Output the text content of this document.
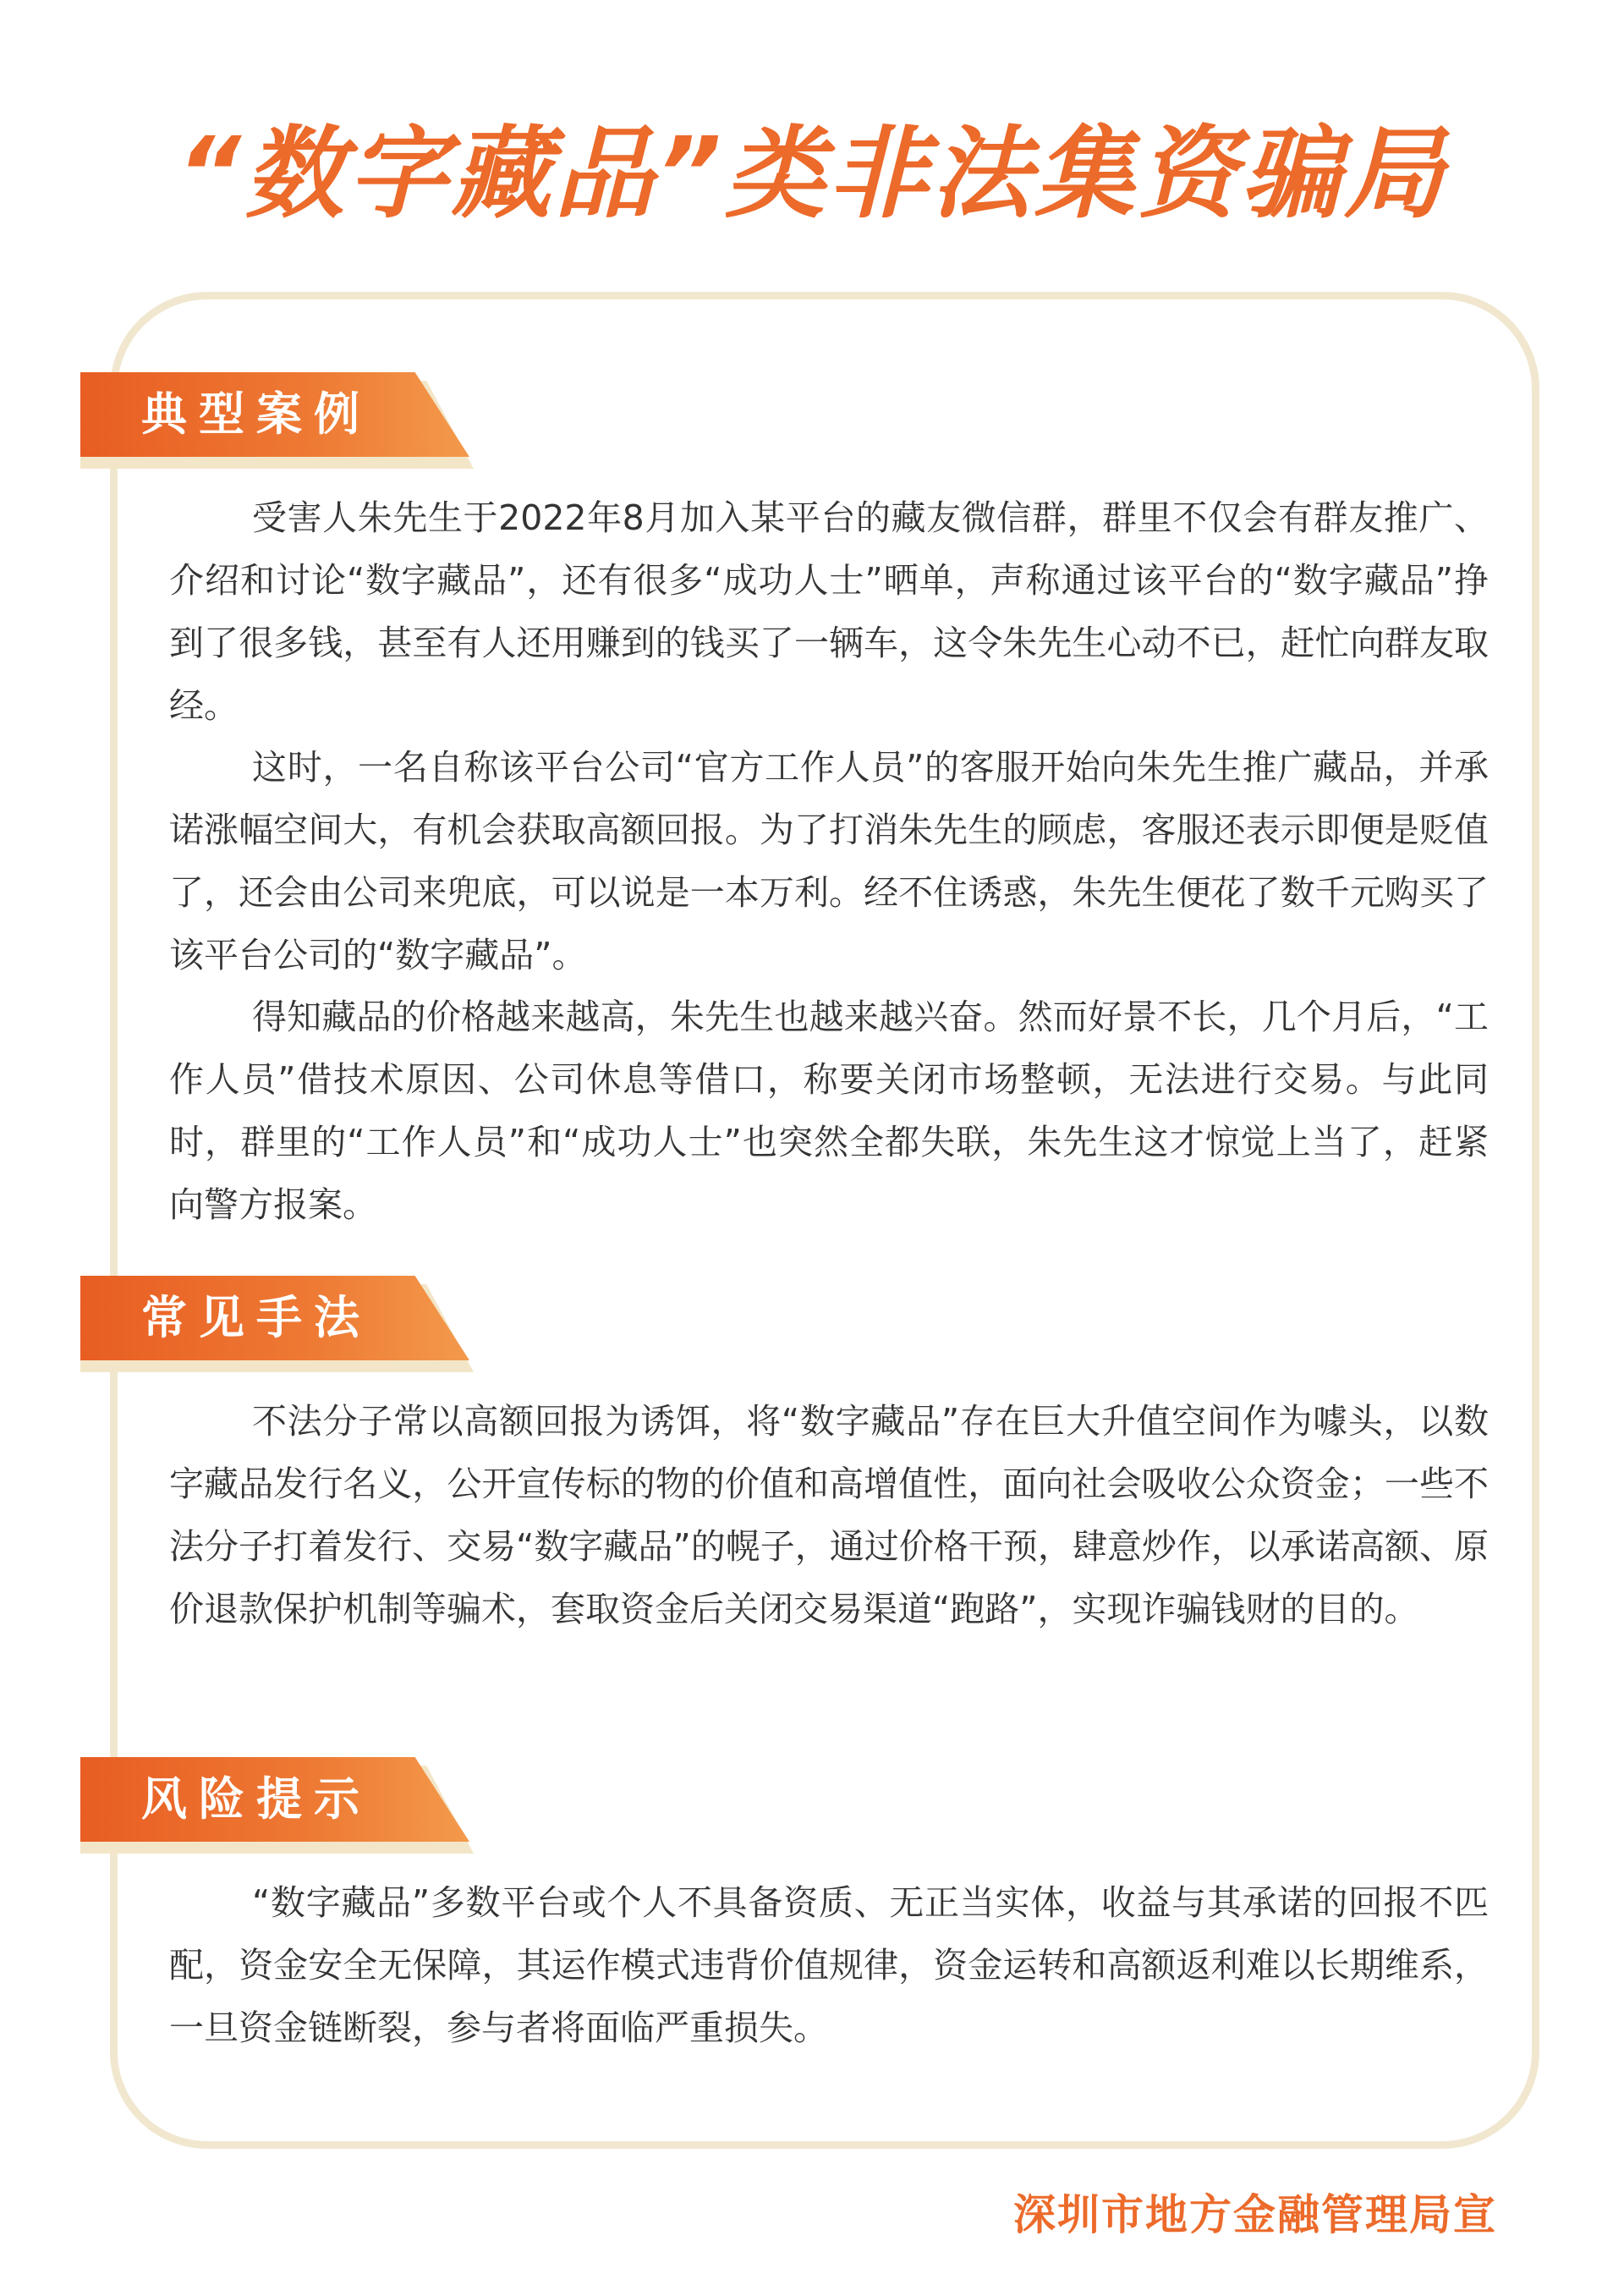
“数字藏品”类非法集资骗局
典型案例

受害人朱先生于2022年8月加入某平台的藏友微信群，群里不仅会有群友推广、介绍和讨论“数字藏品”，还有很多“成功人士”晒单，声称通过该平台的“数字藏品”挣到了很多钱，甚至有人还用赚到的钱买了一辆车，这令朱先生心动不已，赶忙向群友取经。

这时，一名自称该平台公司“官方工作人员”的客服开始向朱先生推广藏品，并承诺涨幅空间大，有机会获取高额回报。为了打消朱先生的顾虑，客服还表示即便是贬值了，还会由公司来兜底，可以说是一本万利。经不住诱惑，朱先生便花了数千元购买了该平台公司的“数字藏品”。

得知藏品的价格越来越高，朱先生也越来越兴奋。然而好景不长，几个月后，“工作人员”借技术原因、公司休息等借口，称要关闭市场整顿，无法进行交易。与此同时，群里的“工作人员”和“成功人士”也突然全都失联，朱先生这才惊觉上当了，赶紧向警方报案。

常见手法

不法分子常以高额回报为诱饵，将“数字藏品”存在巨大升值空间作为噱头，以数字藏品发行名义，公开宣传标的物的价值和高增值性，面向社会吸收公众资金；一些不法分子打着发行、交易“数字藏品”的幌子，通过价格干预，肆意炒作，以承诺高额、原价退款保护机制等骗术，套取资金后关闭交易渠道“跑路”，实现诈骗钱财的目的。

风险提示

“数字藏品”多数平台或个人不具备资质、无正当实体，收益与其承诺的回报不匹配，资金安全无保障，其运作模式违背价值规律，资金运转和高额返利难以长期维系，一旦资金链断裂，参与者将面临严重损失。

深圳市地方金融管理局宣
